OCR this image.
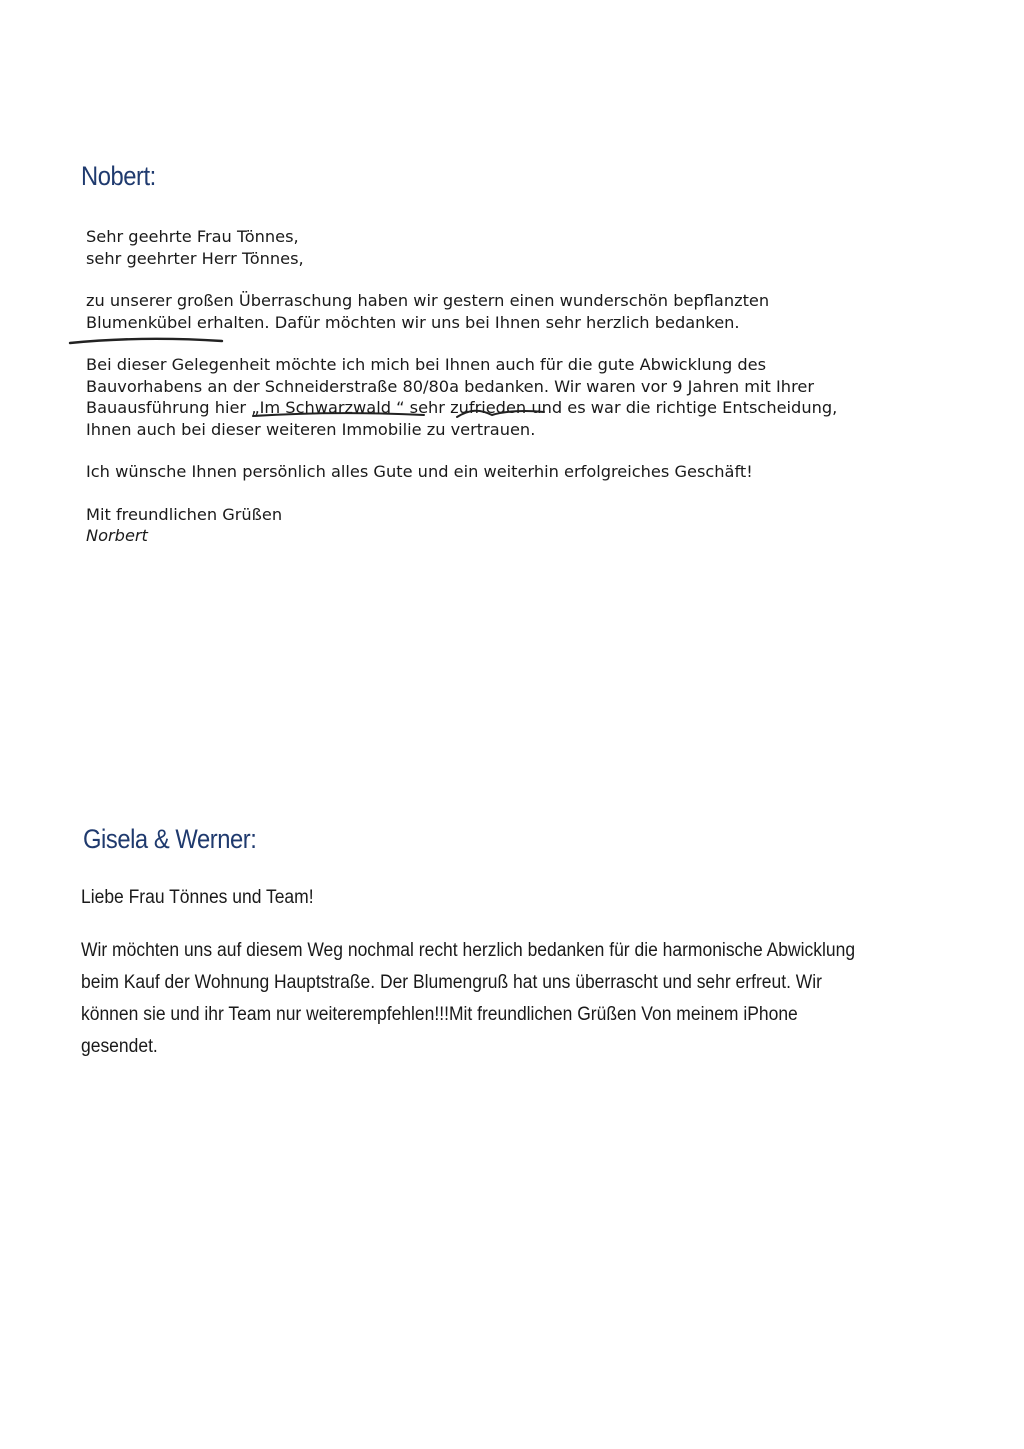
Nobert:

Sehr geehrte Frau Tönnes,

sehr geehrter Herr Tönnes,

zu unserer großen Überraschung haben wir gestern einen wunderschön bepflanzten

Blumenkübel erhalten. Dafür möchten wir uns bei Ihnen sehr herzlich bedanken.

Bei dieser Gelegenheit möchte ich mich bei Ihnen auch für die gute Abwicklung des

Bauvorhabens an der Schneiderstraße 80/80a bedanken. Wir waren vor 9 Jahren mit Ihrer

Bauausführung hier „Im Schwarzwald “ sehr zufrieden und es war die richtige Entscheidung,

Ihnen auch bei dieser weiteren Immobilie zu vertrauen.

Ich wünsche Ihnen persönlich alles Gute und ein weiterhin erfolgreiches Geschäft!

Mit freundlichen Grüßen

Norbert

Gisela & Werner:

Liebe Frau Tönnes und Team!

Wir möchten uns auf diesem Weg nochmal recht herzlich bedanken für die harmonische Abwicklung
beim Kauf der Wohnung Hauptstraße. Der Blumengruß hat uns überrascht und sehr erfreut. Wir
können sie und ihr Team nur weiterempfehlen!!!Mit freundlichen Grüßen Von meinem iPhone
gesendet.
